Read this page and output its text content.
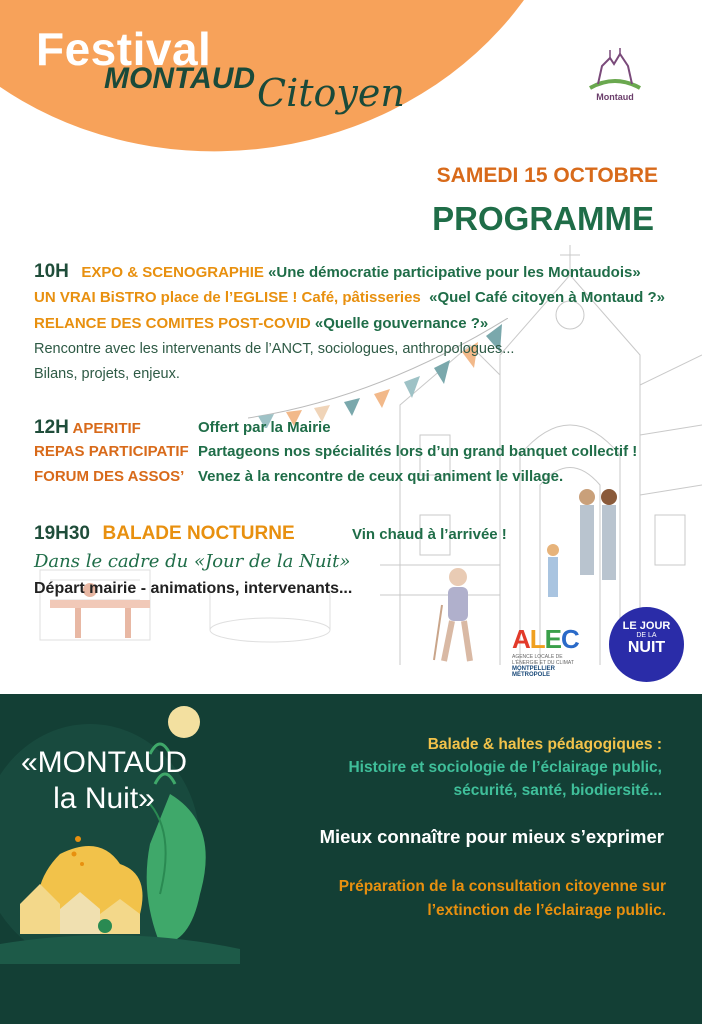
Festival
MONTAUD Citoyen	Montaud
SAMEDI 15 OCTOBRE
PROGRAMME
10H EXPO & SCENOGRAPHIE «Une démocratie participative pour les Montaudois»
UN VRAI BiSTRO place de l’EGLISE ! Café, pâtisseries «Quel Café citoyen à Montaud ?»
RELANCE DES COMITES POST-COVID «Quelle gouvernance ?»
Rencontre avec les intervenants de l’ANCT, sociologues, anthropologues...
Bilans, projets, enjeux.
12H APERITIF	Offert par la Mairie
REPAS PARTICIPATIF Partageons nos spécialités lors d’un grand banquet collectif !
FORUM DES ASSOS’ Venez à la rencontre de ceux qui animent le village.
19H30 BALADE NOCTURNE	Vin chaud à l’arrivée !
Dans le cadre du «Jour de la Nuit»
Départ mairie - animations, intervenants...
ALEC
AGENCE LOCALE DE L'ÉNERGIE ET DU CLIMAT
MONTPELLIER MÉTROPOLE
LE JOUR
DE LA
NUIT
«MONTAUD
la Nuit»
Balade & haltes pédagogiques :
Histoire et sociologie de l’éclairage public,
sécurité, santé, biodiersité...
Mieux connaître pour mieux s’exprimer
Préparation de la consultation citoyenne sur
l’extinction de l’éclairage public.
